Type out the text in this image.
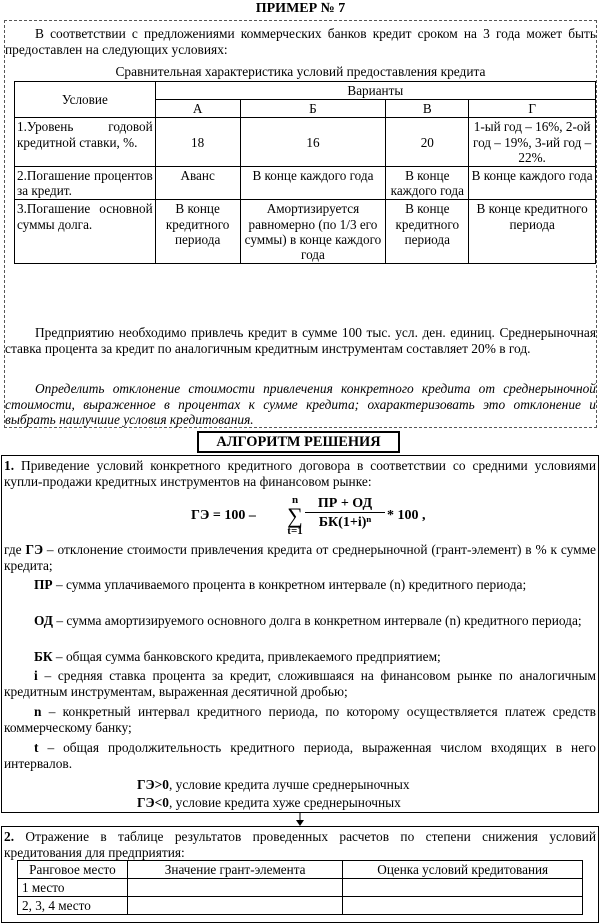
ПРИМЕР № 7

В соответствии с предложениями коммерческих банков кредит сроком на 3 года может быть предоставлен на следующих условиях:

Сравнительная характеристика условий предоставления кредита

Условие	Варианты			
	А	Б	В	Г
1.Уровень годовой кредитной ставки, %.	18	16	20	1-ый год – 16%, 2-ой год – 19%, 3-ий год – 22%.
2.Погашение процентов за кредит.	Аванс	В конце каждого года	В конце каждого года	В конце каждого года
3.Погашение основной суммы долга.	В конце кредитного периода	Амортизируется равномерно (по 1/3 его суммы) в конце каждого года	В конце кредитного периода	В конце кредитного периода

Предприятию необходимо привлечь кредит в сумме 100 тыс. усл. ден. единиц. Среднерыночная ставка процента за кредит по аналогичным кредитным инструментам составляет 20% в год.

Определить отклонение стоимости привлечения конкретного кредита от среднерыночной стоимости, выраженное в процентах к сумме кредита; охарактеризовать это отклонение и выбрать наилучшие условия кредитования.

АЛГОРИТМ РЕШЕНИЯ

1. Приведение условий конкретного кредитного договора в соответствии со средними условиями купли-продажи кредитных инструментов на финансовом рынке:

ГЭ = 100 –
n
∑
t=1
ПР + ОД
БК(1+i)ⁿ	* 100 ,

где ГЭ – отклонение стоимости привлечения кредита от среднерыночной (грант-элемент) в % к сумме кредита;

ПР – сумма уплачиваемого процента в конкретном интервале (n) кредитного периода;

ОД – сумма амортизируемого основного долга в конкретном интервале (n) кредитного периода;

БК – общая сумма банковского кредита, привлекаемого предприятием;

i – средняя ставка процента за кредит, сложившаяся на финансовом рынке по аналогичным кредитным инструментам, выраженная десятичной дробью;

n – конкретный интервал кредитного периода, по которому осуществляется платеж средств коммерческому банку;

t – общая продолжительность кредитного периода, выраженная числом входящих в него интервалов.

ГЭ>0, условие кредита лучше среднерыночных

ГЭ<0, условие кредита хуже среднерыночных

2. Отражение в таблице результатов проведенных расчетов по степени снижения условий кредитования для предприятия:

Ранговое место	Значение грант-элемента	Оценка условий кредитования
1 место		
2, 3, 4 место		
